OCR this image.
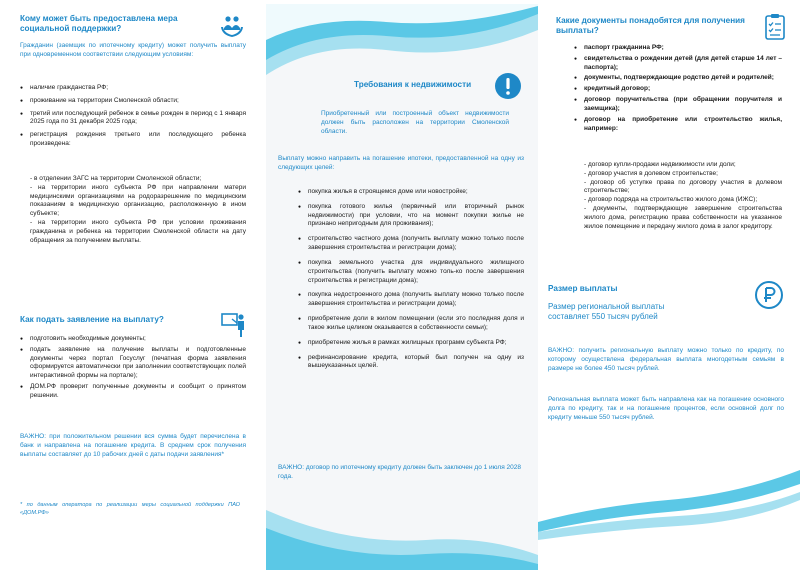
Кому может быть предоставлена мера социальной поддержки?

Гражданин (заемщик по ипотечному кредиту) может получить выплату при одновременном соответствии следующим условиям:

● наличие гражданства РФ;
● проживание на территории Смоленской области;
● третий или последующий ребенок в семье рожден в период с 1 января 2025 года по 31 декабря 2025 года;
● регистрация рождения третьего или последующего ребенка произведена:

- в отделении ЗАГС на территории Смоленской области;

- на территории иного субъекта РФ при направлении матери медицинскими организациями на родоразрешение по медицинским показаниям в медицинскую организацию, расположенную в ином субъекте;

- на территории иного субъекта РФ при условии проживания гражданина и ребенка на территории Смоленской области на дату обращения за получением выплаты.

Как подать заявление на выплату?
● подготовить необходимые документы;
● подать заявление на получение выплаты и подготовленные документы через портал Госуслуг (печатная форма заявления сформируется автоматически при заполнении соответствующих полей интерактивной формы на портале);
● ДОМ.РФ проверит полученные документы и сообщит о принятом решении.

ВАЖНО: при положительном решении вся сумма будет перечислена в банк и направлена на погашение кредита. В среднем срок получения выплаты составляет до 10 рабочих дней с даты подачи заявления*

* по данным оператора по реализации меры социальной поддержки ПАО «ДОМ.РФ»

Требования к недвижимости

Приобретенный или построенный объект недвижимости должен быть расположен на территории Смоленской области.

Выплату можно направить на погашение ипотеки, предоставленной на одну из следующих целей:

● покупка жилья в строящемся доме или новостройке;
● покупка готового жилья (первичный или вторичный рынок недвижимости) при условии, что на момент покупки жилье не признано непригодным для проживания);
● строительство частного дома (получить выплату можно только после завершения строительства и регистрации дома);
● покупка земельного участка для индивидуального жилищного строительства (получить выплату можно толь-ко после завершения строительства и регистрации дома);
● покупка недостроенного дома (получить выплату можно только после завершения строительства и регистрации дома);
● приобретение доли в жилом помещении (если это последняя доля и такое жилье целиком оказывается в собственности семьи);
● приобретение жилья в рамках жилищных программ субъекта РФ;
● рефинансирование кредита, который был получен на одну из вышеуказанных целей.

ВАЖНО: договор по ипотечному кредиту должен быть заключен до 1 июля 2028 года.

Какие документы понадобятся для получения выплаты?
● паспорт гражданина РФ;
● свидетельства о рождении детей (для детей старше 14 лет –паспорта);
● документы, подтверждающие родство детей и родителей;
● кредитный договор;
● договор поручительства (при обращении поручителя и заемщика);
● договор на приобретение или строительство жилья, например:

- договор купли-продажи недвижимости или доли;

- договор участия в долевом строительстве;

- договор об уступке права по договору участия в долевом строительстве;

- договор подряда на строительство жилого дома (ИЖС);

- документы, подтверждающие завершение строительства жилого дома, регистрацию права собственности на указанное жилое помещение и передачу жилого дома в залог кредитору.

Размер выплаты
Размер региональной выплаты составляет 550 тысяч рублей

ВАЖНО: получить региональную выплату можно только по кредиту, по которому осуществлена федеральная выплата многодетным семьям в размере не более 450 тысяч рублей.

Региональная выплата может быть направлена как на погашение основного долга по кредиту, так и на погашение процентов, если основной долг по кредиту меньше 550 тысяч рублей.
